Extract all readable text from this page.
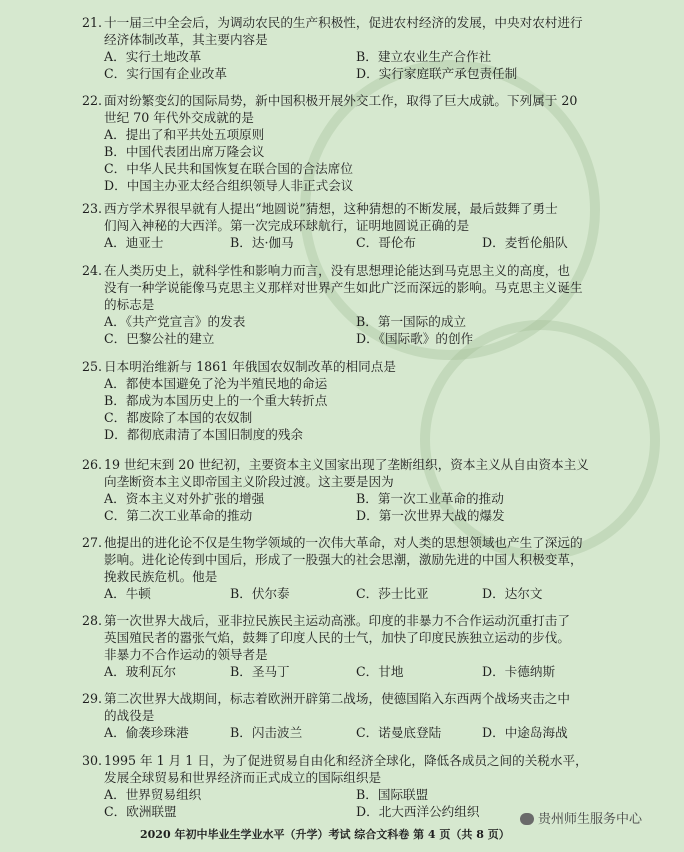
21. 十一届三中全会后，为调动农民的生产积极性，促进农村经济的发展，中央对农村进行
经济体制改革，其主要内容是
A．实行土地改革	B．建立农业生产合作社
C．实行国有企业改革	D．实行家庭联产承包责任制
22. 面对纷繁变幻的国际局势，新中国积极开展外交工作，取得了巨大成就。下列属于 20
世纪 70 年代外交成就的是
A．提出了和平共处五项原则
B．中国代表团出席万隆会议
C．中华人民共和国恢复在联合国的合法席位
D．中国主办亚太经合组织领导人非正式会议
23. 西方学术界很早就有人提出“地圆说”猜想，这种猜想的不断发展，最后鼓舞了勇士
们闯入神秘的大西洋。第一次完成环球航行，证明地圆说正确的是
A．迪亚士	B．达·伽马	C．哥伦布	D．麦哲伦船队
24. 在人类历史上，就科学性和影响力而言，没有思想理论能达到马克思主义的高度，也
没有一种学说能像马克思主义那样对世界产生如此广泛而深远的影响。马克思主义诞生
的标志是
A．《共产党宣言》的发表	B．第一国际的成立
C．巴黎公社的建立	D．《国际歌》的创作
25. 日本明治维新与 1861 年俄国农奴制改革的相同点是
A．都使本国避免了沦为半殖民地的命运
B．都成为本国历史上的一个重大转折点
C．都废除了本国的农奴制
D．都彻底肃清了本国旧制度的残余
26. 19 世纪末到 20 世纪初，主要资本主义国家出现了垄断组织，资本主义从自由资本主义
向垄断资本主义即帝国主义阶段过渡。这主要是因为
A．资本主义对外扩张的增强	B．第一次工业革命的推动
C．第二次工业革命的推动	D．第一次世界大战的爆发
27. 他提出的进化论不仅是生物学领域的一次伟大革命，对人类的思想领域也产生了深远的
影响。进化论传到中国后，形成了一股强大的社会思潮，激励先进的中国人积极变革，
挽救民族危机。他是
A．牛顿	B．伏尔泰	C．莎士比亚	D．达尔文
28. 第一次世界大战后，亚非拉民族民主运动高涨。印度的非暴力不合作运动沉重打击了
英国殖民者的嚣张气焰，鼓舞了印度人民的士气，加快了印度民族独立运动的步伐。
非暴力不合作运动的领导者是
A．玻利瓦尔	B．圣马丁	C．甘地	D．卡德纳斯
29. 第二次世界大战期间，标志着欧洲开辟第二战场，使德国陷入东西两个战场夹击之中
的战役是
A．偷袭珍珠港	B．闪击波兰	C．诺曼底登陆	D．中途岛海战
30. 1995 年 1 月 1 日，为了促进贸易自由化和经济全球化，降低各成员之间的关税水平，
发展全球贸易和世界经济而正式成立的国际组织是
A．世界贸易组织	B．国际联盟
C．欧洲联盟	D．北大西洋公约组织
2020 年初中毕业生学业水平（升学）考试 综合文科卷 第 4 页（共 8 页）
贵州师生服务中心
